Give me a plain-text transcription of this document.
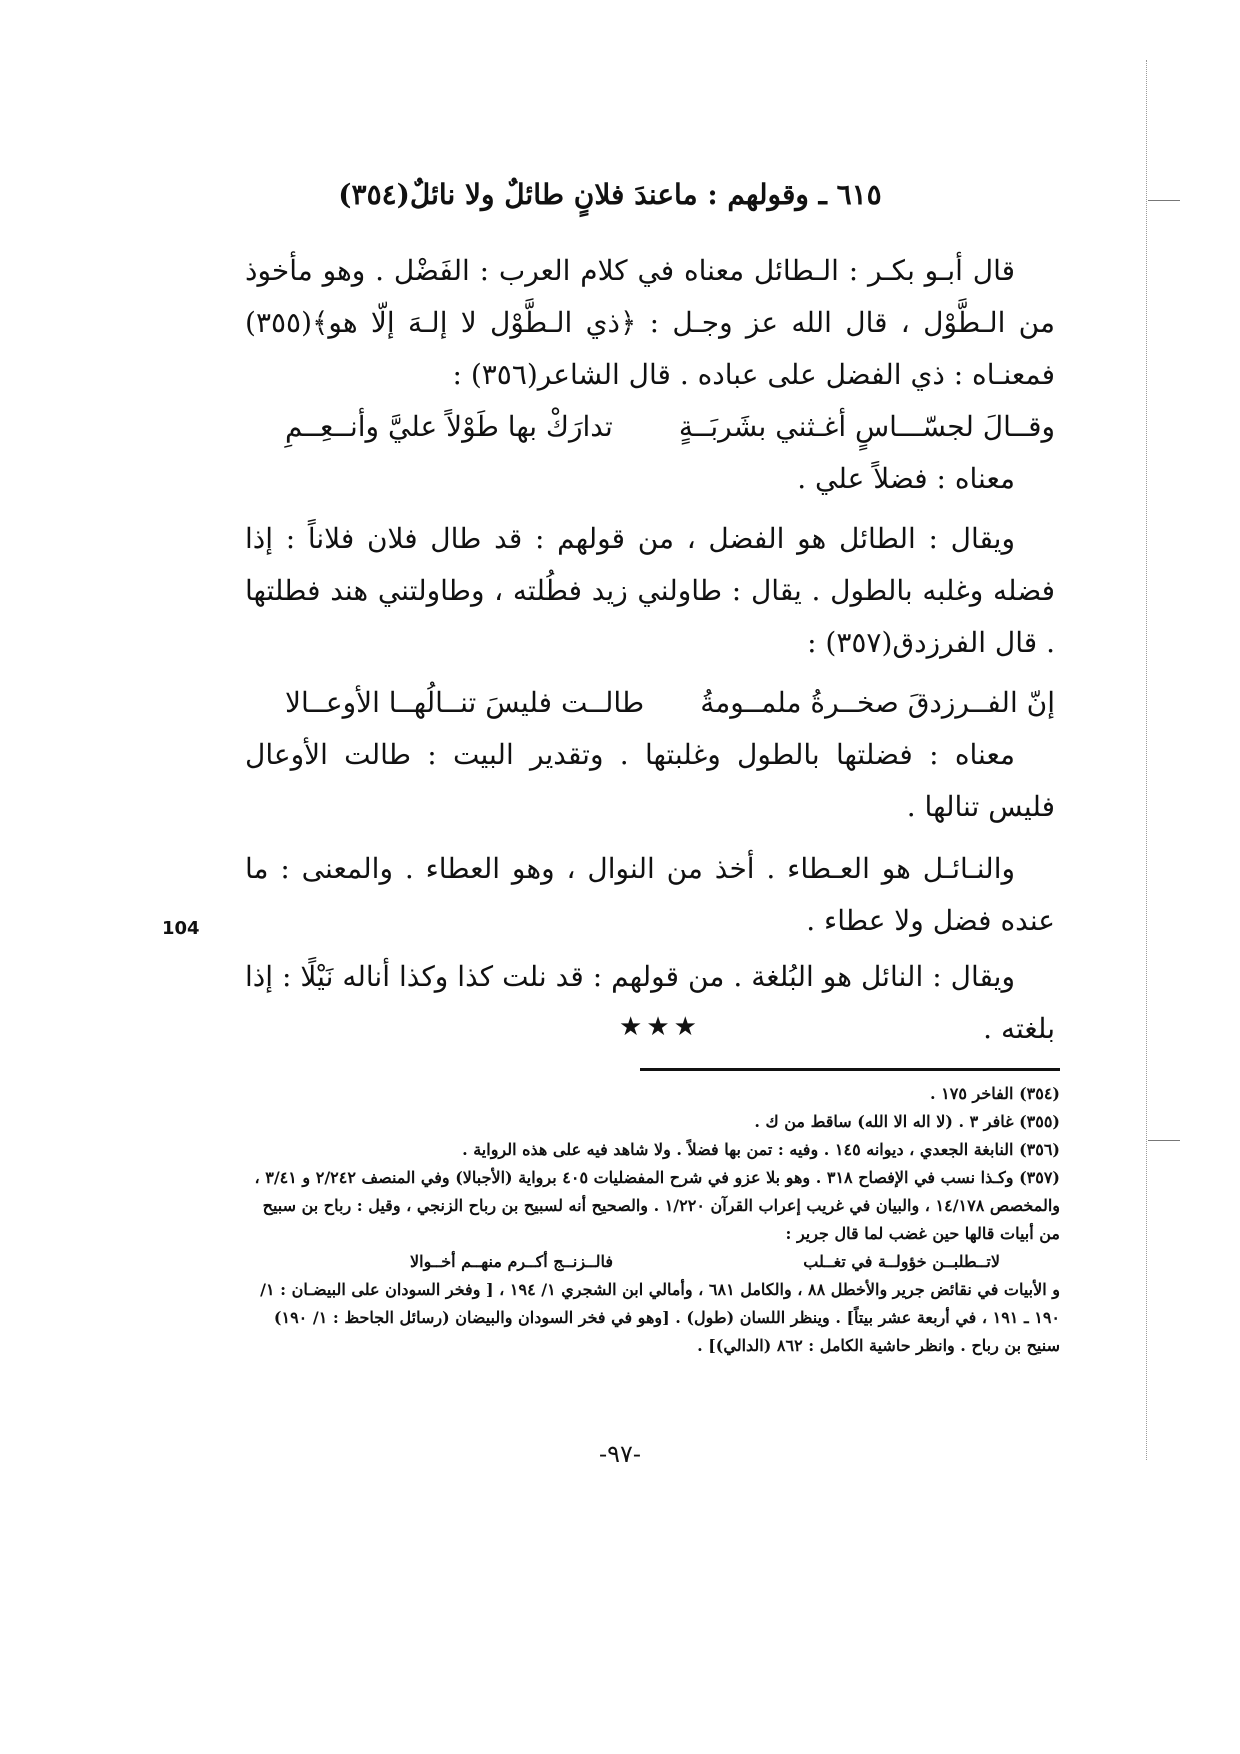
٦١٥ ـ وقولهم : ماعندَ فلانٍ طائلٌ ولا نائلٌ(٣٥٤)

قال أبـو بكـر : الـطائل معناه في كلام العرب : الفَضْل . وهو مأخوذ من الـطَّوْل ، قال الله عز وجـل : ﴿ذي الـطَّوْل لا إلـهَ إلّا هو﴾(٣٥٥) فمعنـاه : ذي الفضل على عباده . قال الشاعر(٣٥٦) :

وقــالَ لجسّـــاسٍ أغـثني بشَربَــةٍ
تدارَكْ بها طَوْلاً عليَّ وأنــعِــمِ

معناه : فضلاً علي .

ويقال : الطائل هو الفضل ، من قولهم : قد طال فلان فلاناً : إذا فضله وغلبه بالطول . يقال : طاولني زيد فطُلته ، وطاولتني هند فطلتها . قال الفرزدق(٣٥٧) :

إنّ الفــرزدقَ صخــرةُ ملمــومةُ
طالــت فليسَ تنــالُهــا الأوعــالا

معناه : فضلتها بالطول وغلبتها . وتقدير البيت : طالت الأوعال فليس تنالها .

والنـائـل هو العـطاء . أخذ من النوال ، وهو العطاء . والمعنى : ما عنده فضل ولا عطاء .

ويقال : النائل هو البُلغة . من قولهم : قد نلت كذا وكذا أناله نَيْلًا : إذا بلغته .

104
★★★

(٣٥٤) الفاخر ١٧٥ .

(٣٥٥) غافر ٣ . (لا اله الا الله) ساقط من ك .

(٣٥٦) النابغة الجعدي ، ديوانه ١٤٥ . وفيه : تمن بها فضلاً . ولا شاهد فيه على هذه الرواية .

(٣٥٧) وكـذا نسب في الإفصاح ٣١٨ . وهو بلا عزو في شرح المفضليات ٤٠٥ برواية (الأجبالا) وفي المنصف ٢/٢٤٢ و ٣/٤١ ، والمخصص ١٤/١٧٨ ، والبيان في غريب إعراب القرآن ١/٢٢٠ . والصحيح أنه لسبيح بن رباح الزنجي ، وقيل : رباح بن سبيح من أبيات قالها حين غضب لما قال جرير :

لاتــطلبــن خؤولــة في تغــلب
فالــزنــج أكــرم منهــم أخــوالا

و الأبيات في نقائض جرير والأخطل ٨٨ ، والكامل ٦٨١ ، وأمالي ابن الشجري ١/ ١٩٤ ، [ وفخر السودان على البيضـان : ١/ ١٩٠ ـ ١٩١ ، في أربعة عشر بيتاً] . وينظر اللسان (طول) . [وهو في فخر السودان والبيضان (رسائل الجاحظ : ١/ ١٩٠) سنيح بن رباح . وانظر حاشية الكامل : ٨٦٢ (الدالي)] .

-٩٧-
